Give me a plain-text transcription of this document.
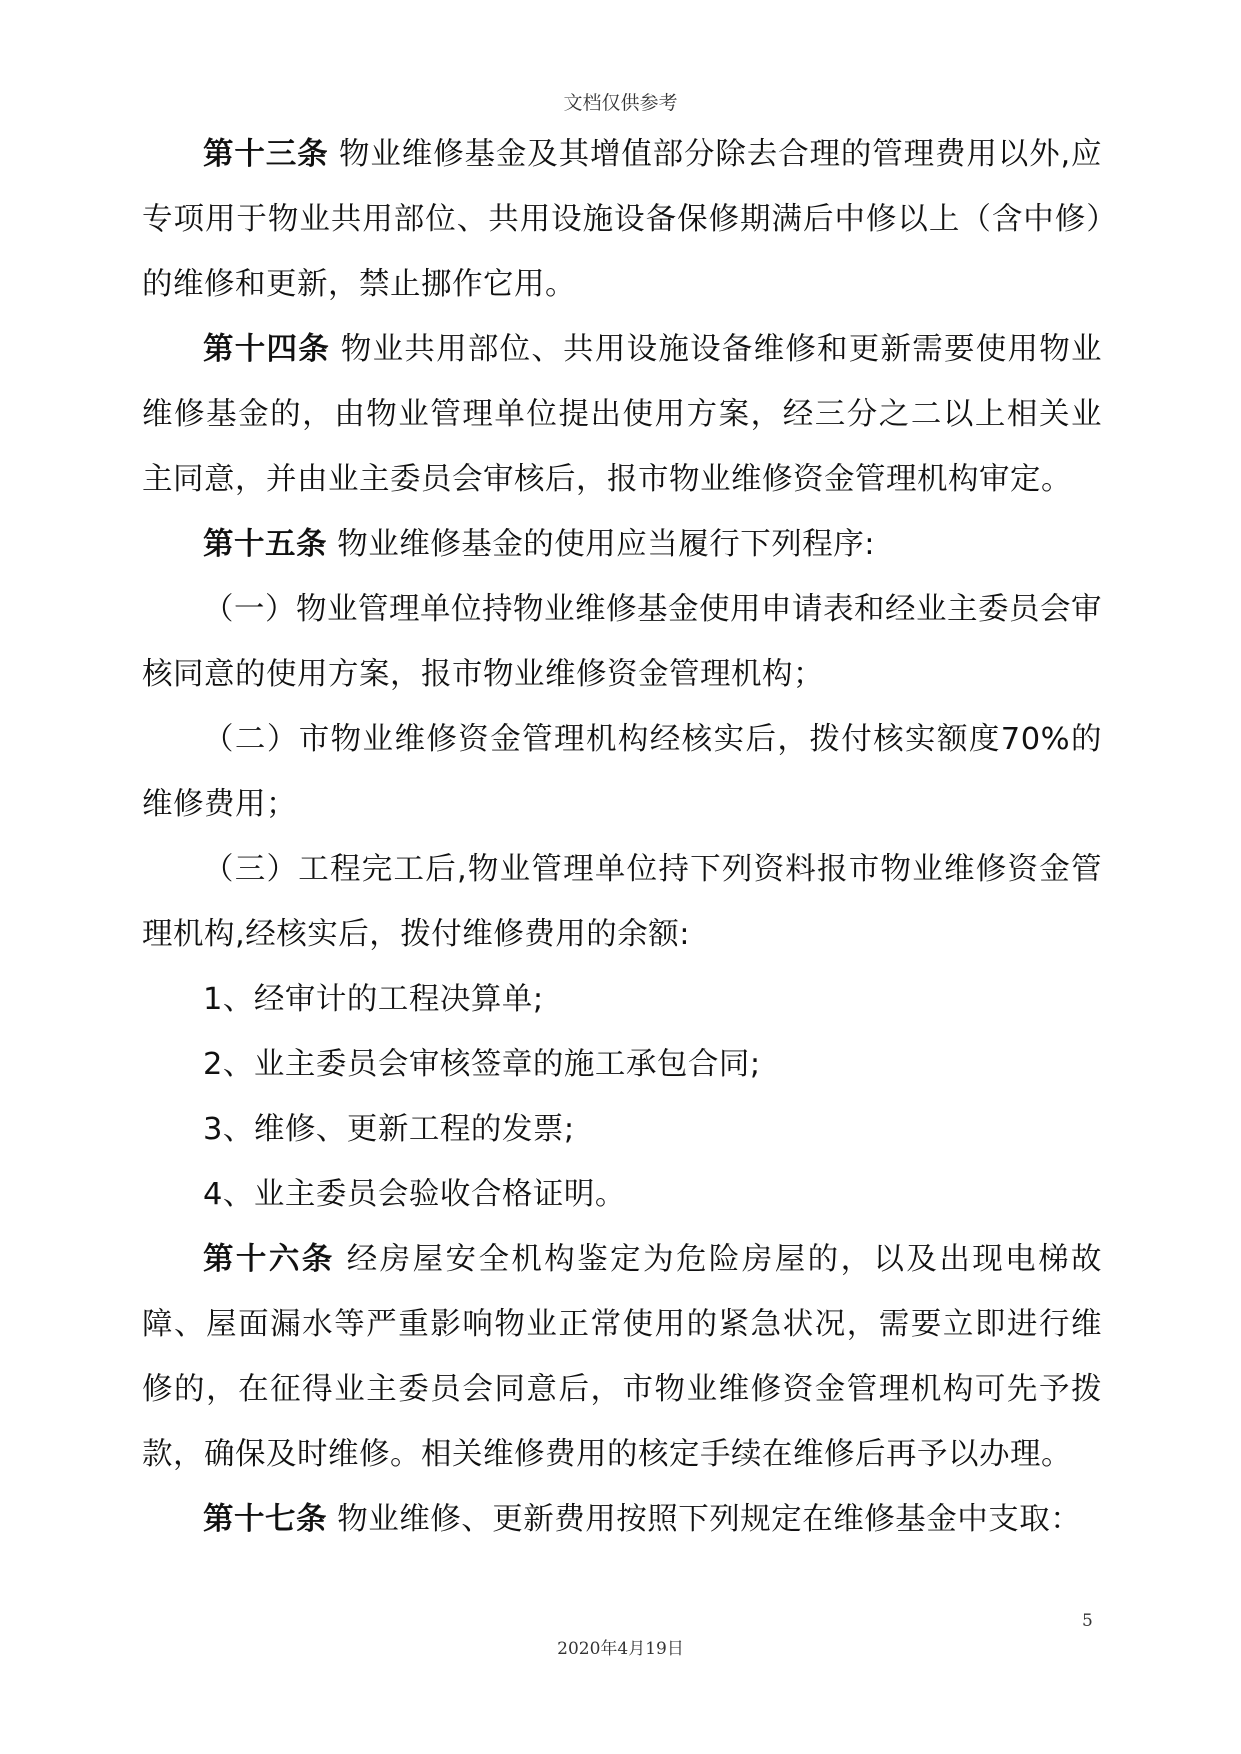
文档仅供参考

第十三条 物业维修基金及其增值部分除去合理的管理费用以外,应专项用于物业共用部位、共用设施设备保修期满后中修以上（含中修）的维修和更新，禁止挪作它用。

第十四条 物业共用部位、共用设施设备维修和更新需要使用物业维修基金的，由物业管理单位提出使用方案，经三分之二以上相关业主同意，并由业主委员会审核后，报市物业维修资金管理机构审定。

第十五条 物业维修基金的使用应当履行下列程序:

（一）物业管理单位持物业维修基金使用申请表和经业主委员会审核同意的使用方案，报市物业维修资金管理机构；

（二）市物业维修资金管理机构经核实后，拨付核实额度70%的维修费用；

（三）工程完工后,物业管理单位持下列资料报市物业维修资金管理机构,经核实后，拨付维修费用的余额:

1、经审计的工程决算单;

2、业主委员会审核签章的施工承包合同;

3、维修、更新工程的发票;

4、业主委员会验收合格证明。

第十六条 经房屋安全机构鉴定为危险房屋的，以及出现电梯故障、屋面漏水等严重影响物业正常使用的紧急状况，需要立即进行维修的，在征得业主委员会同意后，市物业维修资金管理机构可先予拨款，确保及时维修。相关维修费用的核定手续在维修后再予以办理。

第十七条 物业维修、更新费用按照下列规定在维修基金中支取：

5
2020年4月19日
